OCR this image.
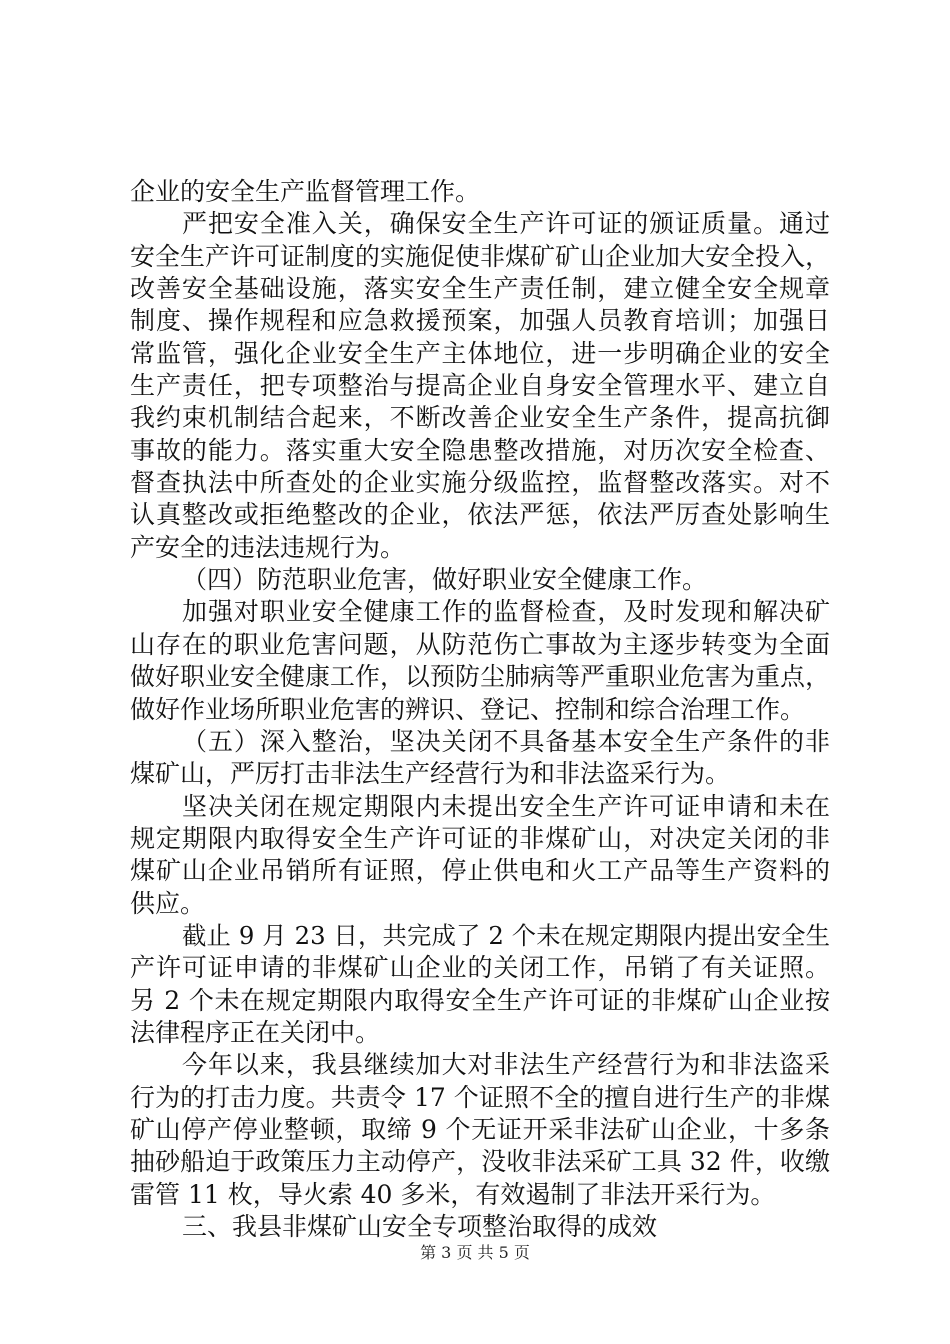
企业的安全生产监督管理工作。
严把安全准入关，确保安全生产许可证的颁证质量。通过
安全生产许可证制度的实施促使非煤矿矿山企业加大安全投入，
改善安全基础设施，落实安全生产责任制，建立健全安全规章
制度、操作规程和应急救援预案，加强人员教育培训；加强日
常监管，强化企业安全生产主体地位，进一步明确企业的安全
生产责任，把专项整治与提高企业自身安全管理水平、建立自
我约束机制结合起来，不断改善企业安全生产条件，提高抗御
事故的能力。落实重大安全隐患整改措施，对历次安全检查、
督查执法中所查处的企业实施分级监控，监督整改落实。对不
认真整改或拒绝整改的企业，依法严惩，依法严厉查处影响生
产安全的违法违规行为。
（四）防范职业危害，做好职业安全健康工作。
加强对职业安全健康工作的监督检查，及时发现和解决矿
山存在的职业危害问题，从防范伤亡事故为主逐步转变为全面
做好职业安全健康工作，以预防尘肺病等严重职业危害为重点，
做好作业场所职业危害的辨识、登记、控制和综合治理工作。
（五）深入整治，坚决关闭不具备基本安全生产条件的非
煤矿山，严厉打击非法生产经营行为和非法盗采行为。
坚决关闭在规定期限内未提出安全生产许可证申请和未在
规定期限内取得安全生产许可证的非煤矿山，对决定关闭的非
煤矿山企业吊销所有证照，停止供电和火工产品等生产资料的
供应。
截止 9 月 23 日，共完成了 2 个未在规定期限内提出安全生
产许可证申请的非煤矿山企业的关闭工作，吊销了有关证照。
另 2 个未在规定期限内取得安全生产许可证的非煤矿山企业按
法律程序正在关闭中。
今年以来，我县继续加大对非法生产经营行为和非法盗采
行为的打击力度。共责令 17 个证照不全的擅自进行生产的非煤
矿山停产停业整顿，取缔 9 个无证开采非法矿山企业，十多条
抽砂船迫于政策压力主动停产，没收非法采矿工具 32 件，收缴
雷管 11 枚，导火索 40 多米，有效遏制了非法开采行为。
三、我县非煤矿山安全专项整治取得的成效
第 3 页 共 5 页
